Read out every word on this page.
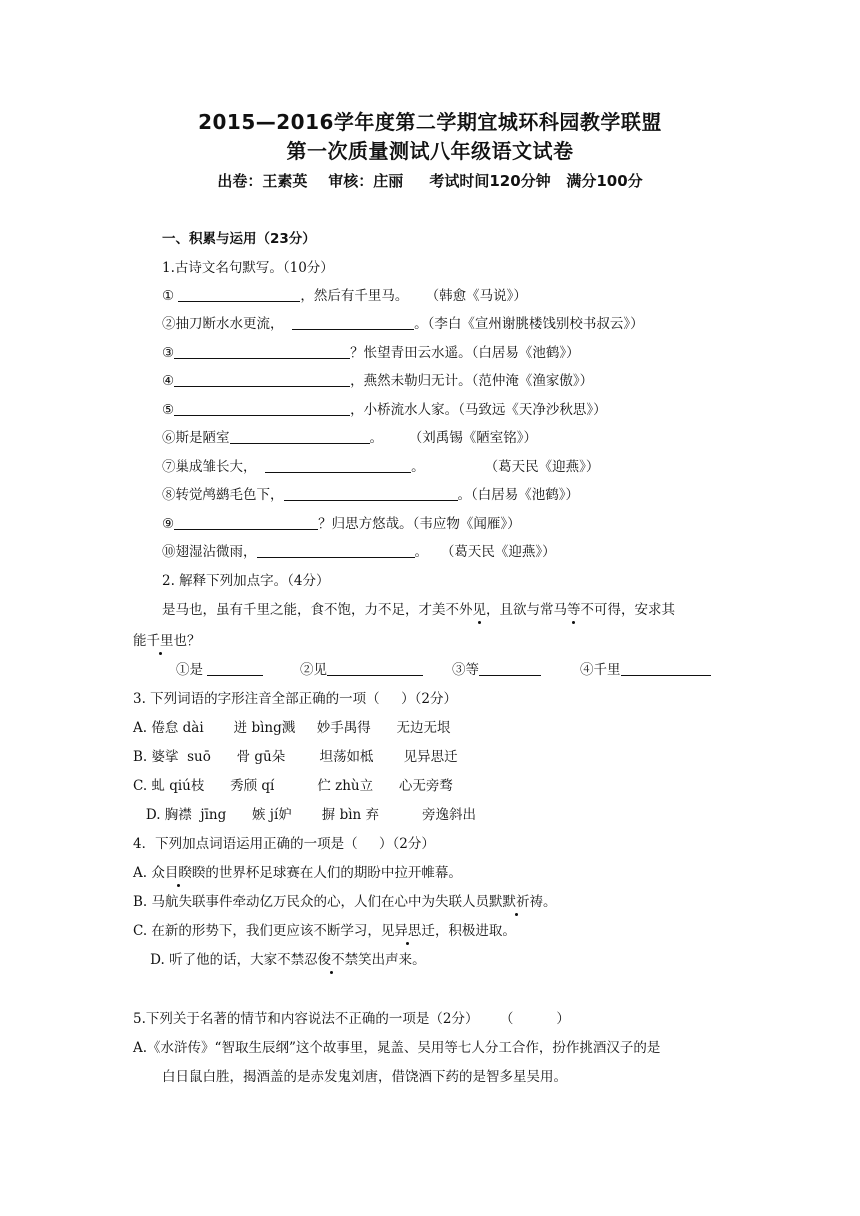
2015—2016学年度第二学期宜城环科园教学联盟
第一次质量测试八年级语文试卷
出卷：王素英    审核：庄丽     考试时间120分钟   满分100分
一、积累与运用（23分）
1.古诗文名句默写。（10分）
①	，然后有千里马。    （韩愈《马说》）
②抽刀断水水更流，	。（李白《宣州谢朓楼饯别校书叔云》）
③	？怅望青田云水遥。（白居易《池鹤》）
④	，燕然未勒归无计。（范仲淹《渔家傲》）
⑤	，小桥流水人家。（马致远《天净沙秋思》）
⑥斯是陋室	。      （刘禹锡《陋室铭》）
⑦巢成雏长大，	。              （葛天民《迎燕》）
⑧转觉鸬鹚毛色下，	。（白居易《池鹤》）
⑨	？归思方悠哉。（韦应物《闻雁》）
⑩翅湿沾微雨，	。   （葛天民《迎燕》）
2. 解释下列加点字。（4分）
是马也，虽有千里之能，食不饱，力不足，才美不外见，且欲与常马等不可得，安求其
能千里也？
①是	②见	③等	④千里
3. 下列词语的字形注音全部正确的一项（     ）（2分）
A. 倦怠 dài       迸 bìng溅     妙手禺得      无边无垠
B. 婆挲  suō      骨 gū朵        坦荡如柢       见异思迁
C. 虬 qiú枝      秀颀 qí          伫 zhù立      心无旁骛
D. 胸襟  jīng      嫉 jí妒       摒 bìn 弃          旁逸斜出
4．下列加点词语运用正确的一项是（     ）（2分）
A. 众目睽睽的世界杯足球赛在人们的期盼中拉开帷幕。
B. 马航失联事件牵动亿万民众的心，人们在心中为失联人员默默祈祷。
C. 在新的形势下，我们更应该不断学习，见异思迁，积极进取。
D. 听了他的话，大家不禁忍俊不禁笑出声来。
5.下列关于名著的情节和内容说法不正确的一项是（2分）     （          ）
A.《水浒传》“智取生辰纲”这个故事里，晁盖、吴用等七人分工合作，扮作挑酒汉子的是
白日鼠白胜，揭酒盖的是赤发鬼刘唐，借饶酒下药的是智多星吴用。
